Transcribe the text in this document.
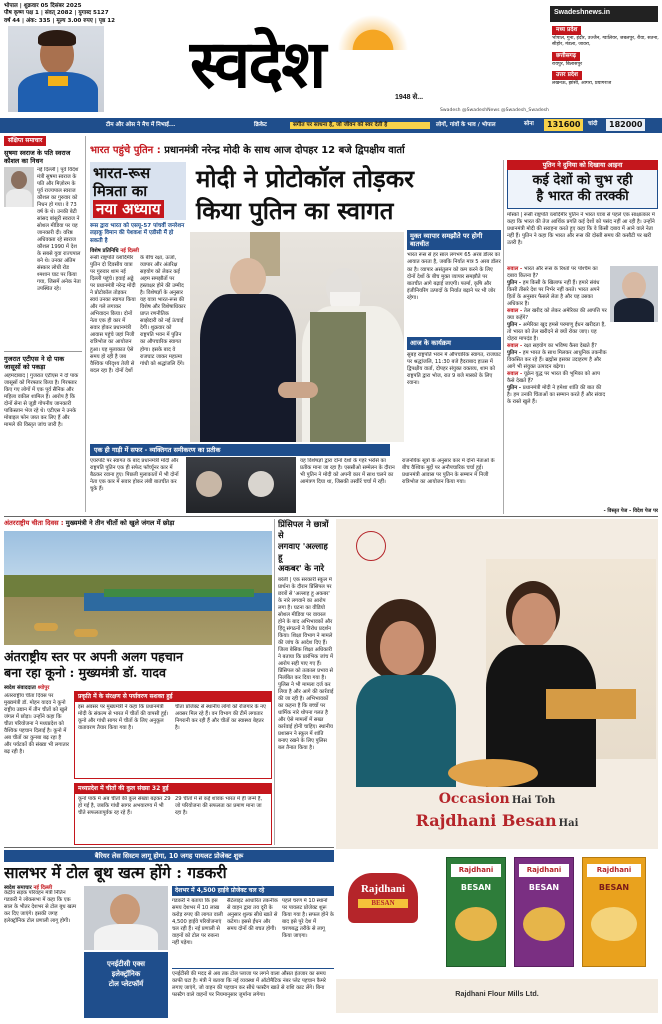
भोपाल | शुक्रवार 05 दिसंबर 2025
पौष कृष्ण पक्ष 1 | संवत् 2082 | युगाब्द 5127
वर्ष 44 | अंक: 335 | मूल्य 3.00 रुपए | पृष्ठ 12
स्वदेश	1948 से...
Swadeshnews.in
मध्य प्रदेश
भोपाल, गुना, इंदौर, उज्जैन, ग्वालियर, जबलपुर, रीवा, सतना, सीहोर, मंडला, जावरा,
छत्तीसगढ़
रायपुर, बिलासपुर
उत्तर प्रदेश
लखनऊ, झांसी, आगरा, प्रयागराज
Swadesh @SwadeshNews @Swadesh_Swadesh
टीम और ओस ने मैच में निभाई...	क्रिकेट	संगीत पर साधना है, जो जीवन को स्वर देती है	लोगों, गांवों के भाव / भोपाल	सोना	131600	चांदी	182000
संक्षिप्त समाचार
सुषमा स्वराज के पति स्वराज कौशल का निधन
नई दिल्ली | पूर्व विदेश मंत्री सुषमा स्वराज के पति और मिज़ोरम के पूर्व राज्यपाल स्वराज कौशल का गुरुवार को निधन हो गया। वे 73 वर्ष के थे। उनकी बेटी सांसद बांसुरी स्वराज ने सोशल मीडिया पर यह जानकारी दी। वरिष्ठ अधिवक्ता रहे स्वराज कौशल 1990 में देश के सबसे युवा राज्यपाल बने थे। उनका अंतिम संस्कार लोधी रोड श्मशान घाट पर किया गया, जिसमें अनेक नेता उपस्थित रहे।
गुजरात एटीएस ने दो पाक जासूसों को पकड़ा
अहमदाबाद | गुजरात एटीएस ने दो पाक जासूसों को गिरफ्तार किया है। गिरफ्तार किए गए लोगों में एक पूर्व सैनिक और महिला वकील शामिल हैं। आरोप है कि दोनों सेना से जुड़ी गोपनीय जानकारी पाकिस्तान भेज रहे थे। एटीएस ने उनके मोबाइल फोन जब्त कर लिए हैं और मामले की विस्तृत जांच जारी है।
भारत पहुंचे पुतिन : प्रधानमंत्री नरेन्द्र मोदी के साथ आज दोपहर 12 बजे द्विपक्षीय वार्ता
भारत-रूस
मित्रता का
नया अध्याय
रूस द्वारा भारत को एसयू-57 पांचवीं जनरेशन लड़ाकू विमान की पेशकश में एडीसी मैं हो सकती है
विशेष प्रतिनिधि नई दिल्ली
रूसी राष्ट्रपति व्लादिमीर पुतिन दो दिवसीय यात्रा पर गुरुवार शाम नई दिल्ली पहुंचे। हवाई अड्डे पर प्रधानमंत्री नरेन्द्र मोदी ने प्रोटोकॉल तोड़कर स्वयं उनका स्वागत किया और गले लगाकर अभिवादन किया। दोनों नेता एक ही कार में सवार होकर प्रधानमंत्री आवास पहुंचे जहां निजी रात्रिभोज का आयोजन हुआ। यह मुलाकात ऐसे समय हो रही है जब वैश्विक परिदृश्य तेजी से बदल रहा है। दोनों देशों के बीच रक्षा, ऊर्जा, व्यापार और अंतरिक्ष सहयोग को लेकर कई अहम समझौतों पर हस्ताक्षर होने की उम्मीद है। विशेषज्ञों के अनुसार यह यात्रा भारत-रूस की विशेष और विशेषाधिकार प्राप्त रणनीतिक साझेदारी को नई ऊंचाई देगी। शुक्रवार को राष्ट्रपति भवन में पुतिन का औपचारिक स्वागत होगा। इसके बाद वे राजघाट जाकर महात्मा गांधी को श्रद्धांजलि देंगे।
मोदी ने प्रोटोकॉल तोड़कर
किया पुतिन का स्वागत
मुक्त व्यापार समझौते पर होगी बातचीत
भारत रूस से हर साल लगभग 65 अरब डॉलर का आयात करता है, जबकि निर्यात मात्र 5 अरब डॉलर का है। व्यापार असंतुलन को कम करने के लिए दोनों देशों के बीच मुक्त व्यापार समझौते पर बातचीत आगे बढ़ाई जाएगी। फार्मा, कृषि और इंजीनियरिंग उत्पादों के निर्यात बढ़ाने पर भी जोर रहेगा।
आज के कार्यक्रम
सुबह राष्ट्रपति भवन में औपचारिक स्वागत, राजघाट पर श्रद्धांजलि, 11:30 बजे हैदराबाद हाउस में द्विपक्षीय वार्ता, दोपहर संयुक्त वक्तव्य, शाम को राष्ट्रपति द्वारा भोज, रात 9 बजे मास्को के लिए रवाना।
एक ही गाड़ी में सफर - व्यक्तिगत समीकरण का प्रतीक
एयरपोर्ट पर स्वागत के बाद प्रधानमंत्री मोदी और राष्ट्रपति पुतिन एक ही सफेद फॉर्च्यूनर कार में बैठकर रवाना हुए। पिछली मुलाकातों में भी दोनों नेता एक कार में सवार होकर लंबी बातचीत कर चुके हैं।
यह विशेषज्ञों द्वारा दोनों देशों के गहरे भरोसे का प्रतीक माना जा रहा है। एससीओ सम्मेलन के दौरान भी पुतिन ने मोदी को अपनी कार में साथ चलने का आमंत्रण दिया था, जिसकी तस्वीरें चर्चा में रहीं।
राजनयिक सूत्रों के अनुसार कार में दोनों नेताओं के बीच वैश्विक मुद्दों पर अनौपचारिक चर्चा हुई। प्रधानमंत्री आवास पर पुतिन के सम्मान में निजी रात्रिभोज का आयोजन किया गया।
पुतिन ने दुनिया को दिखाया आइना
कई देशों को चुभ रही
है भारत की तरक्की
मॉस्को | रूसी राष्ट्रपति व्लादिमीर पुतिन ने भारत यात्रा से पहले एक साक्षात्कार में कहा कि भारत की तेज आर्थिक प्रगति कई देशों को पसंद नहीं आ रही है। उन्होंने प्रधानमंत्री मोदी की सराहना करते हुए कहा कि वे किसी दबाव में आने वाले नेता नहीं हैं। पुतिन ने कहा कि भारत और रूस की दोस्ती समय की कसौटी पर खरी उतरी है।
सवाल - भारत और रूस के रिश्तों पर पश्चिम का दबाव कितना है?
पुतिन - हम किसी के खिलाफ नहीं हैं। हमारे संबंध किसी तीसरे देश पर निर्भर नहीं करते। भारत अपने हितों के अनुसार फैसले लेता है और यह उसका अधिकार है।
सवाल - तेल खरीद को लेकर अमेरिका की आपत्ति पर क्या कहेंगे?
पुतिन - अमेरिका खुद हमसे परमाणु ईंधन खरीदता है, तो भारत को तेल खरीदने से क्यों रोका जाए। यह दोहरा मापदंड है।
सवाल - रक्षा सहयोग का भविष्य कैसा देखते हैं?
पुतिन - हम भारत के साथ मिलकर आधुनिक तकनीक विकसित कर रहे हैं। ब्रह्मोस इसका उदाहरण है और आगे भी संयुक्त उत्पादन बढ़ेगा।
सवाल - यूक्रेन युद्ध पर भारत की भूमिका को आप कैसे देखते हैं?
पुतिन - प्रधानमंत्री मोदी ने हमेशा शांति की बात की है। हम उनकी चिंताओं का सम्मान करते हैं और संवाद के रास्ते खुले हैं।
- विस्तृत पेज - विदेश पेज पर
अंतरराष्ट्रीय चीता दिवस : मुख्यमंत्री ने तीन चीतों को खुले जंगल में छोड़ा
अंतराष्ट्रीय स्तर पर अपनी अलग पहचान
बना रहा कूनो : मुख्यमंत्री डॉ. यादव
स्वदेश संवाददाता श्योपुर
अंतरराष्ट्रीय चीता दिवस पर मुख्यमंत्री डॉ. मोहन यादव ने कूनो राष्ट्रीय उद्यान में तीन चीतों को खुले जंगल में छोड़ा। उन्होंने कहा कि चीता परियोजना ने मध्यप्रदेश को वैश्विक पहचान दिलाई है। कूनो में अब चीतों का कुनबा बढ़ रहा है और पर्यटकों की संख्या भी लगातार बढ़ रही है।
प्रकृति में के संरक्षण से पर्यावरण सशक्त हुई
इस अवसर पर मुख्यमंत्री ने कहा कि प्रधानमंत्री मोदी के संकल्प से भारत में चीतों की वापसी हुई। कूनो और गांधी सागर में चीतों के लिए अनुकूल वातावरण तैयार किया गया है।
चीता प्रोजेक्ट से स्थानीय लोगों को रोजगार के नए अवसर मिल रहे हैं। वन विभाग की टीमें लगातार निगरानी कर रही हैं और चीतों का स्वास्थ्य बेहतर है।
मध्यप्रदेश में चीतों की कुल संख्या 32 हुई
कूनो पार्क में अब चीतों की कुल संख्या बढ़कर 29 हो गई है, जबकि गांधी सागर अभयारण्य में भी चीते सफलतापूर्वक रह रहे हैं।
29 चीतों में से कई शावक भारत में ही जन्मे हैं, जो परियोजना की सफलता का प्रमाण माना जा रहा है।
प्रिंसिपल ने छात्रों से
लगवाए 'अल्लाह हू
अकबर' के नारे
बरेली | एक सरकारी स्कूल में प्रार्थना के दौरान प्रिंसिपल पर छात्रों से 'अल्लाह हू अकबर' के नारे लगवाने का आरोप लगा है। घटना का वीडियो सोशल मीडिया पर वायरल होने के बाद अभिभावकों और हिंदू संगठनों ने विरोध प्रदर्शन किया। शिक्षा विभाग ने मामले की जांच के आदेश दिए हैं। जिला बेसिक शिक्षा अधिकारी ने बताया कि प्रारंभिक जांच में आरोप सही पाए गए हैं। प्रिंसिपल को तत्काल प्रभाव से निलंबित कर दिया गया है। पुलिस ने भी मामला दर्ज कर लिया है और आगे की कार्रवाई की जा रही है। अभिभावकों का कहना है कि बच्चों पर धार्मिक नारे थोपना गलत है और ऐसे मामलों में सख्त कार्रवाई होनी चाहिए। स्थानीय प्रशासन ने स्कूल में शांति बनाए रखने के लिए पुलिस बल तैनात किया है।
Occasion Hai Toh
Rajdhani Besan Hai
Rajdhani
BESAN
Rajdhani
BESAN
Rajdhani
BESAN
Rajdhani
BESAN
Rajdhani Flour Mills Ltd.
बैरियर लेस सिस्टम लागू होगा, 10 जगह पायलट प्रोजेक्ट शुरू
सालभर में टोल बूथ खत्म होंगे : गडकरी
स्वदेश समाचार नई दिल्ली
केंद्रीय सड़क परिवहन मंत्री नितिन गडकरी ने लोकसभा में कहा कि एक साल के भीतर देशभर से टोल बूथ खत्म कर दिए जाएंगे। इसकी जगह इलेक्ट्रॉनिक टोल प्रणाली लागू होगी।
एनईटीसी एक्स
इलेक्ट्रॉनिक
टोल प्लेटफॉर्म
देशभर में 4,500 हाईवे प्रोजेक्ट चल रहे
गडकरी ने बताया कि इस समय देशभर में 10 लाख करोड़ रुपए की लागत वाली 4,500 हाईवे परियोजनाएं चल रही हैं। नई प्रणाली से वाहनों को टोल पर रुकना नहीं पड़ेगा।
सैटेलाइट आधारित तकनीक से वाहन द्वारा तय दूरी के अनुसार शुल्क सीधे खाते से कटेगा। इससे ईंधन और समय दोनों की बचत होगी।
पहले चरण में 10 स्थानों पर पायलट प्रोजेक्ट शुरू किया गया है। सफल होने के बाद इसे पूरे देश में चरणबद्ध तरीके से लागू किया जाएगा।
एनईटीसी की मदद से अब तक टोल प्लाजा पर लगने वाला औसत इंतजार का समय काफी घटा है। मंत्री ने बताया कि नई व्यवस्था में ऑटोमैटिक नंबर प्लेट पहचान कैमरे लगाए जाएंगे, जो वाहन की पहचान कर सीधे फास्टैग खाते से राशि काट लेंगे। बिना फास्टैग वाले वाहनों पर नियमानुसार जुर्माना लगेगा।
